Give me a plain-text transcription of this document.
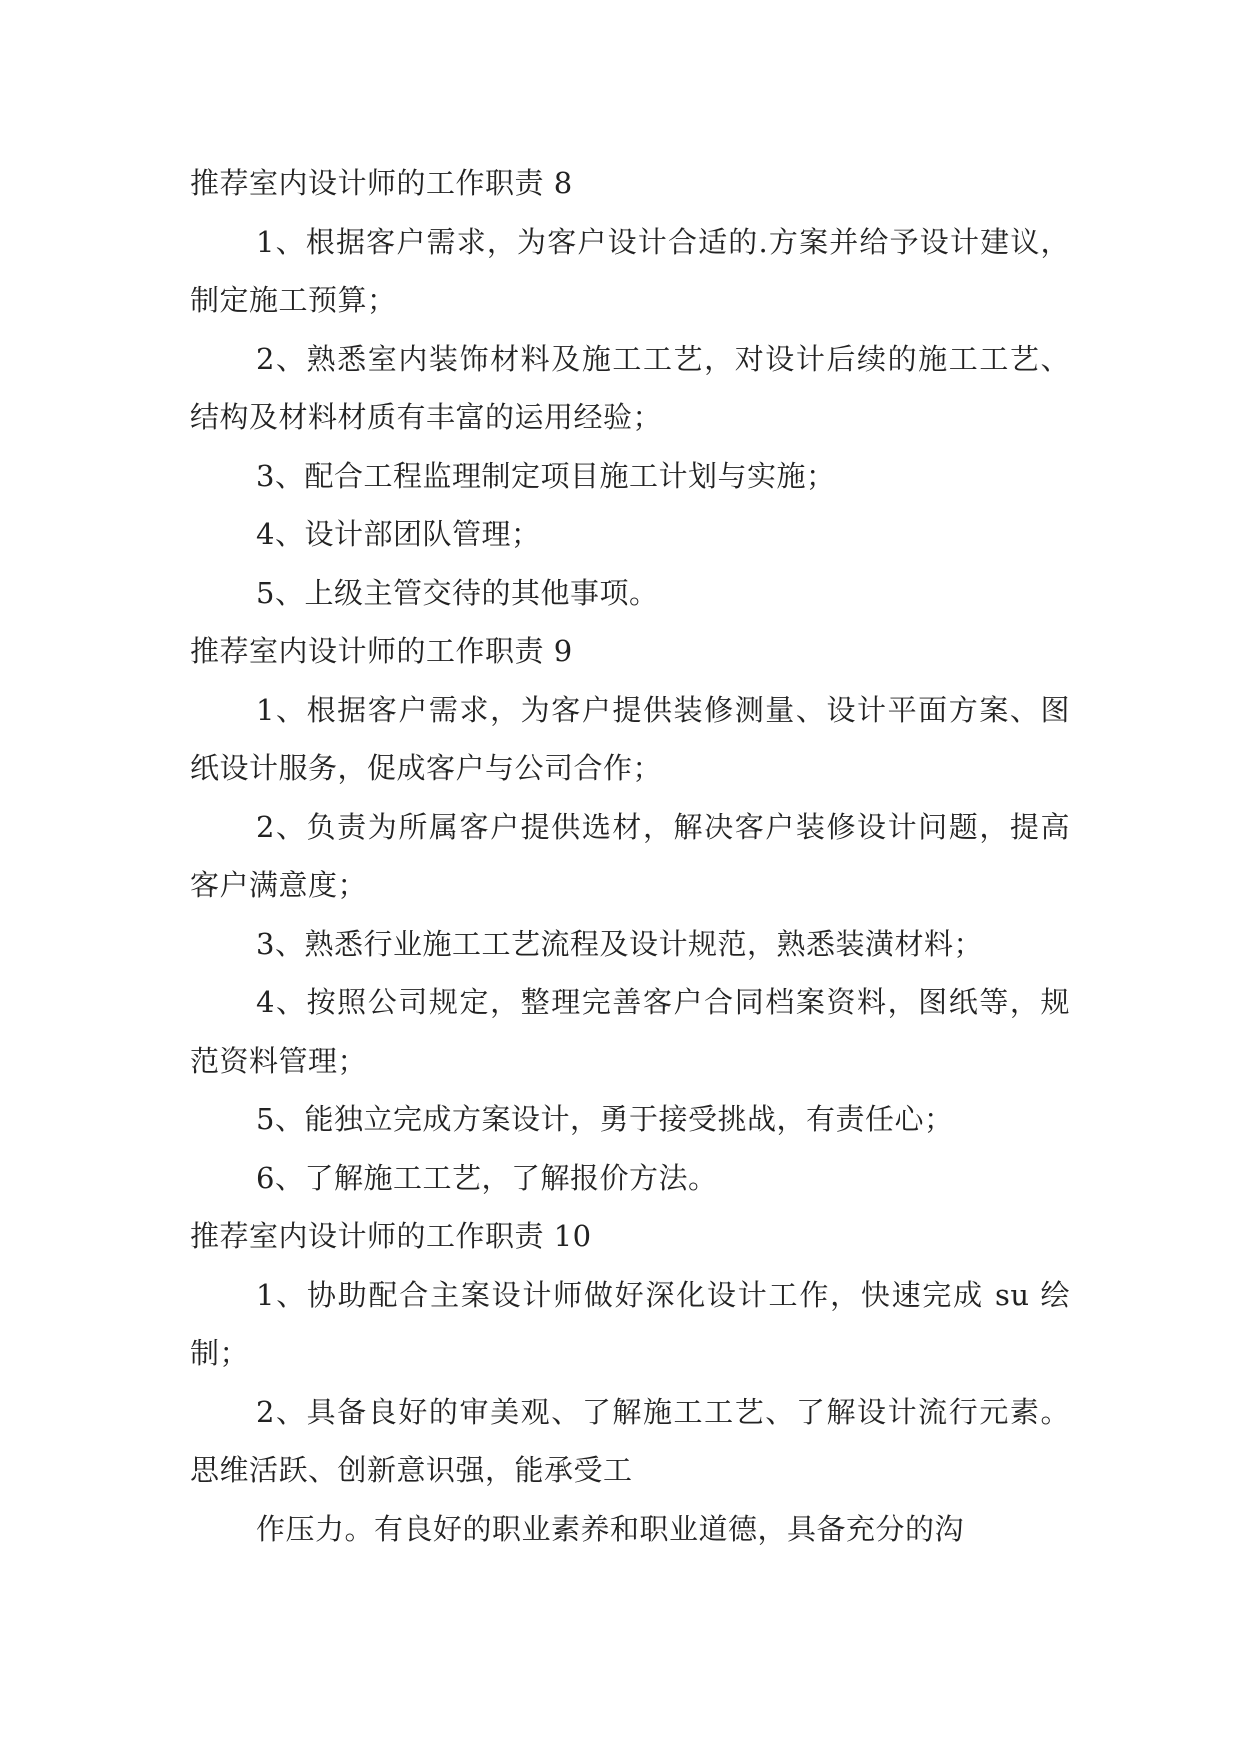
推荐室内设计师的工作职责 8

1、根据客户需求，为客户设计合适的.方案并给予设计建议，制定施工预算；

2、熟悉室内装饰材料及施工工艺，对设计后续的施工工艺、结构及材料材质有丰富的运用经验；

3、配合工程监理制定项目施工计划与实施；

4、设计部团队管理；

5、上级主管交待的其他事项。

推荐室内设计师的工作职责 9

1、根据客户需求，为客户提供装修测量、设计平面方案、图纸设计服务，促成客户与公司合作；

2、负责为所属客户提供选材，解决客户装修设计问题，提高客户满意度；

3、熟悉行业施工工艺流程及设计规范，熟悉装潢材料；

4、按照公司规定，整理完善客户合同档案资料，图纸等，规范资料管理；

5、能独立完成方案设计，勇于接受挑战，有责任心；

6、了解施工工艺，了解报价方法。

推荐室内设计师的工作职责 10

1、协助配合主案设计师做好深化设计工作，快速完成 su 绘制；

2、具备良好的审美观、了解施工工艺、了解设计流行元素。思维活跃、创新意识强，能承受工

作压力。有良好的职业素养和职业道德，具备充分的沟
